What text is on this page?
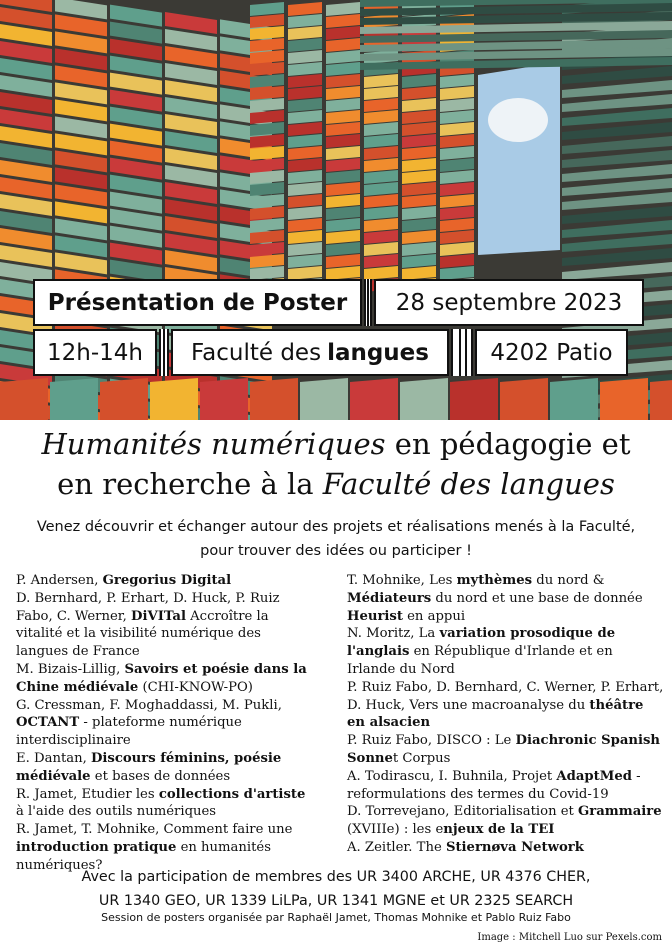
Présentation de Poster 28 septembre 2023
12h-14h Faculté des langues	4202 Patio
Humanités numériques en pédagogie et
en recherche à la Faculté des langues
Venez découvrir et échanger autour des projets et réalisations menés à la Faculté, pour trouver des idées ou participer !

P. Andersen, Gregorius Digital

D. Bernhard, P. Erhart, D. Huck, P. Ruiz Fabo, C. Werner, DiVITal Accroître la vitalité et la visibilité numérique des langues de France

M. Bizais-Lillig, Savoirs et poésie dans la Chine médiévale (CHI-KNOW-PO)

G. Cressman, F. Moghaddassi, M. Pukli, OCTANT - plateforme numérique interdisciplinaire

E. Dantan, Discours féminins, poésie médiévale et bases de données

R. Jamet, Etudier les collections d'artiste à l'aide des outils numériques

R. Jamet, T. Mohnike, Comment faire une introduction pratique en humanités numériques?

T. Mohnike, Les mythèmes du nord & Médiateurs du nord et une base de donnée Heurist en appui

N. Moritz, La variation prosodique de l'anglais en République d'Irlande et en Irlande du Nord

P. Ruiz Fabo, D. Bernhard, C. Werner, P. Erhart, D. Huck, Vers une macroanalyse du théâtre en alsacien

P. Ruiz Fabo, DISCO : Le Diachronic Spanish Sonnet Corpus

A. Todirascu, I. Buhnila, Projet AdaptMed - reformulations des termes du Covid-19

D. Torrevejano, Editorialisation et Grammaire (XVIIIe) : les enjeux de la TEI

A. Zeitler. The Stiernøva Network

Avec la participation de membres des UR 3400 ARCHE, UR 4376 CHER,
UR 1340 GEO, UR 1339 LiLPa, UR 1341 MGNE et UR 2325 SEARCH
Session de posters organisée par Raphaël Jamet, Thomas Mohnike et Pablo Ruiz Fabo
Image : Mitchell Luo sur Pexels.com
